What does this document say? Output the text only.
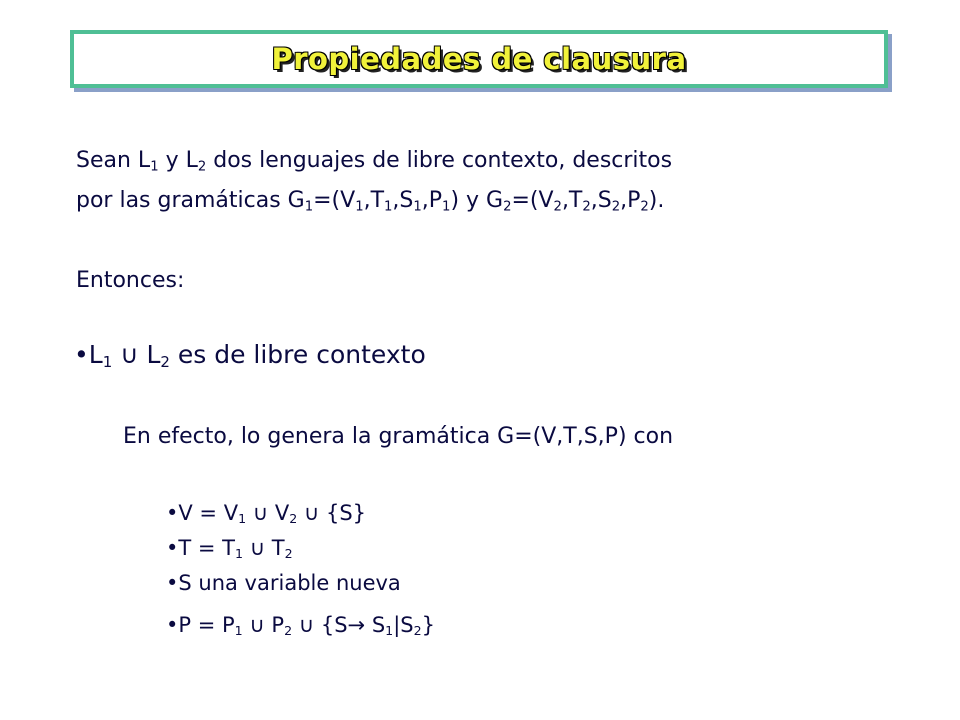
Propiedades de clausura
Sean $L_1$ y $L_2$ dos lenguajes de libre contexto, descritos
por las gramáticas $G_1=(V_1,T_1,S_1,P_1)$ y $G_2=(V_2,T_2,S_2,P_2)$.
Entonces:
$•L_1$ ∪ $L_2$ es de libre contexto
En efecto, lo genera la gramática G=(V,T,S,P) con
•V = $V_1$ ∪ $V_2$ ∪ {S}
•T = $T_1$ ∪ $T_2$
•S una variable nueva
•P = $P_1$ ∪ $P_2$ ∪ $\{S\to S_1|S_2\}$
